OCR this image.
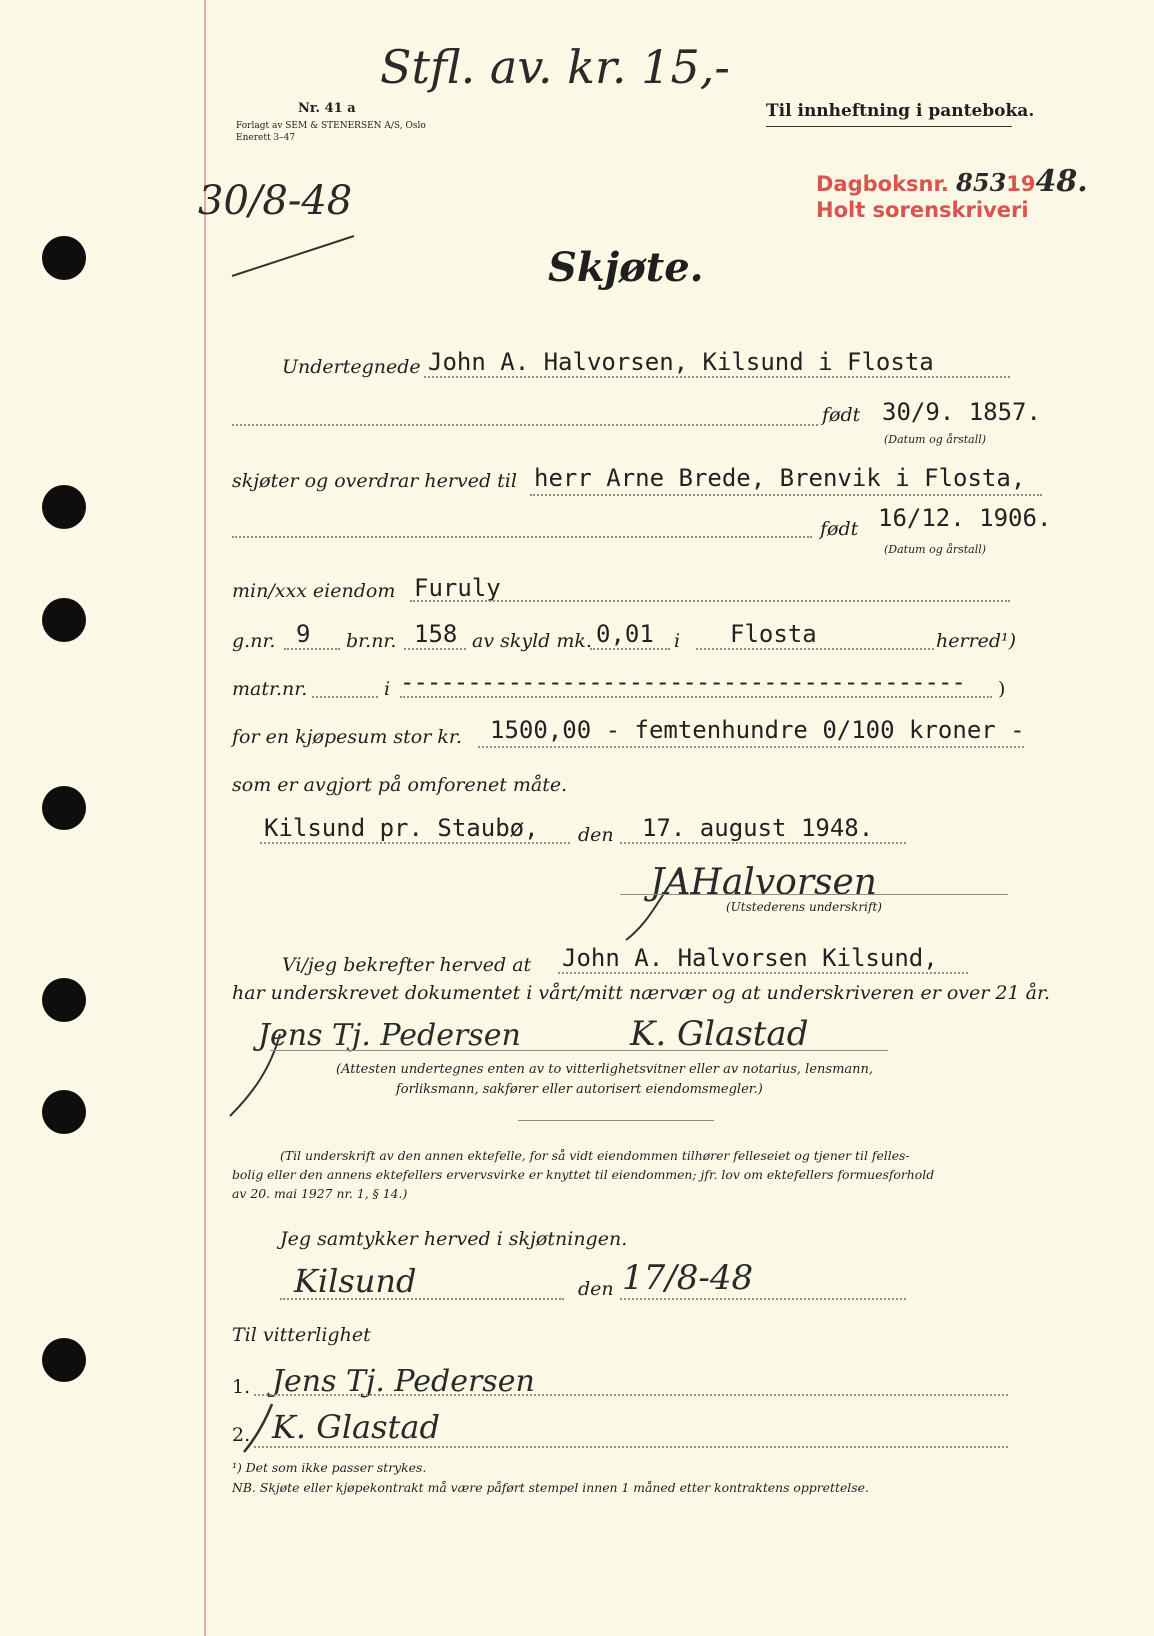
Nr. 41 a
Forlagt av SEM & STENERSEN A/S, Oslo
Enerett 3–47
Stfl. av. kr. 15,-
Til innheftning i panteboka.
Dagboksnr. 8531948.
Holt sorenskriveri
30/8-48
Skjøte.
Undertegnede John A. Halvorsen, Kilsund i Flosta
født 30/9. 1857.
(Datum og årstall)
skjøter og overdrar herved til herr Arne Brede, Brenvik i Flosta,
født 16/12. 1906.
(Datum og årstall)
min/xxx eiendom Furuly
g.nr. 9 br.nr. 158 av skyld mk. 0,01 i Flosta	herred¹)
matr.nr.	i ------------------------------------------ )
for en kjøpesum stor kr. 1500,00 - femtenhundre 0/100 kroner -
som er avgjort på omforenet måte.
Kilsund pr. Staubø, den 17. august 1948.
JAHalvorsen
(Utstederens underskrift)
Vi/jeg bekrefter herved at John A. Halvorsen Kilsund,
har underskrevet dokumentet i vårt/mitt nærvær og at underskriveren er over 21 år.
Jens Tj. Pedersen	K. Glastad
(Attesten undertegnes enten av to vitterlighetsvitner eller av notarius, lensmann,
forliksmann, sakfører eller autorisert eiendomsmegler.)
(Til underskrift av den annen ektefelle, for så vidt eiendommen tilhører felleseiet og tjener til felles-
bolig eller den annens ektefellers ervervsvirke er knyttet til eiendommen; jfr. lov om ektefellers formuesforhold
av 20. mai 1927 nr. 1, § 14.)
Jeg samtykker herved i skjøtningen.
Kilsund	den 17/8-48
Til vitterlighet
1. Jens Tj. Pedersen
2. K. Glastad
¹) Det som ikke passer strykes.
NB. Skjøte eller kjøpekontrakt må være påført stempel innen 1 måned etter kontraktens opprettelse.
